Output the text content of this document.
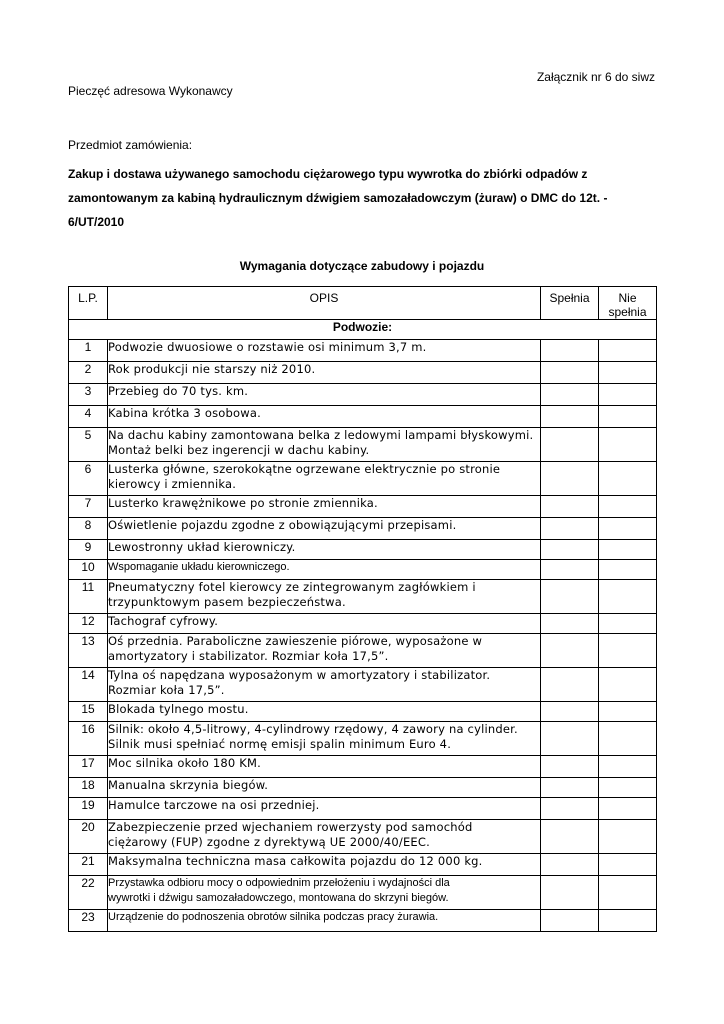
Załącznik nr 6 do siwz
Pieczęć adresowa Wykonawcy
Przedmiot zamówienia:
Zakup i dostawa używanego samochodu ciężarowego typu wywrotka do zbiórki odpadów z
zamontowanym za kabiną hydraulicznym dźwigiem samozaładowczym (żuraw) o DMC do 12t. -
6/UT/2010
Wymagania dotyczące zabudowy i pojazdu
L.P.	OPIS	Spełnia	Nie
spełnia

Podwozie:			
1	Podwozie dwuosiowe o rozstawie osi minimum 3,7 m.		

2	Rok produkcji nie starszy niż 2010.		

3	Przebieg do 70 tys. km.		

4	Kabina krótka 3 osobowa.		

5	Na dachu kabiny zamontowana belka z ledowymi lampami błyskowymi.
Montaż belki bez ingerencji w dachu kabiny.		

6	Lusterka główne, szerokokątne ogrzewane elektrycznie po stronie
kierowcy i zmiennika.		

7	Lusterko krawężnikowe po stronie zmiennika.		

8	Oświetlenie pojazdu zgodne z obowiązującymi przepisami.		

9	Lewostronny układ kierowniczy.		

10	Wspomaganie układu kierowniczego.		

11	Pneumatyczny fotel kierowcy ze zintegrowanym zagłówkiem i
trzypunktowym pasem bezpieczeństwa.		

12	Tachograf cyfrowy.		

13	Oś przednia. Paraboliczne zawieszenie piórowe, wyposażone w
amortyzatory i stabilizator. Rozmiar koła 17,5”.		

14	Tylna oś napędzana wyposażonym w amortyzatory i stabilizator.
Rozmiar koła 17,5”.		

15	Blokada tylnego mostu.		

16	Silnik: około 4,5-litrowy, 4-cylindrowy rzędowy, 4 zawory na cylinder.
Silnik musi spełniać normę emisji spalin minimum Euro 4.		

17	Moc silnika około 180 KM.		

18	Manualna skrzynia biegów.		

19	Hamulce tarczowe na osi przedniej.		

20	Zabezpieczenie przed wjechaniem rowerzysty pod samochód
ciężarowy (FUP) zgodne z dyrektywą UE 2000/40/EEC.		

21	Maksymalna techniczna masa całkowita pojazdu do 12 000 kg.		

22	Przystawka odbioru mocy o odpowiednim przełożeniu i wydajności dla
wywrotki i dźwigu samozaładowczego, montowana do skrzyni biegów.		

23	Urządzenie do podnoszenia obrotów silnika podczas pracy żurawia.		
